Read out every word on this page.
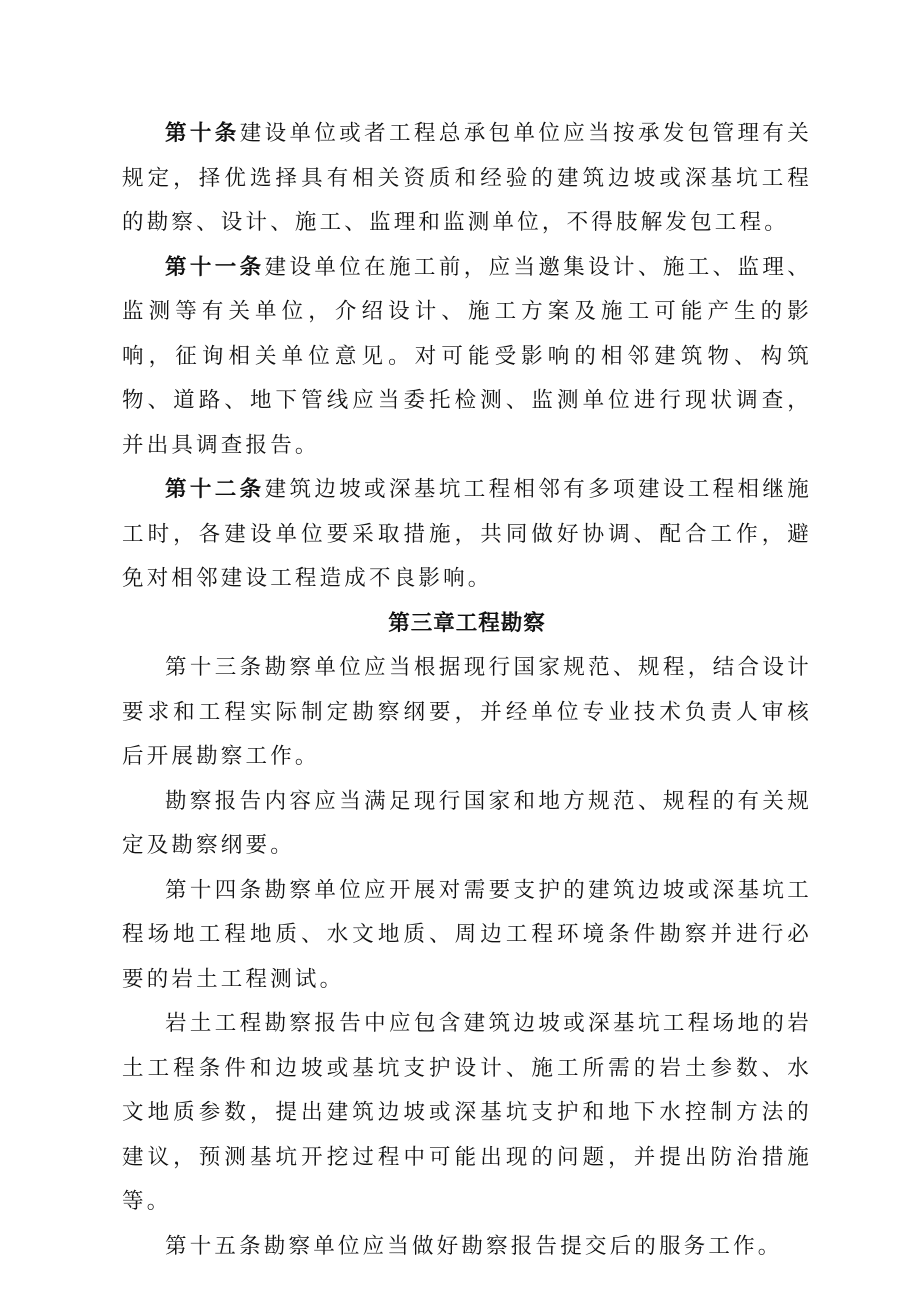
第十条建设单位或者工程总承包单位应当按承发包管理有关规定，择优选择具有相关资质和经验的建筑边坡或深基坑工程的勘察、设计、施工、监理和监测单位，不得肢解发包工程。

第十一条建设单位在施工前，应当邀集设计、施工、监理、监测等有关单位，介绍设计、施工方案及施工可能产生的影响，征询相关单位意见。对可能受影响的相邻建筑物、构筑物、道路、地下管线应当委托检测、监测单位进行现状调查，并出具调查报告。

第十二条建筑边坡或深基坑工程相邻有多项建设工程相继施工时，各建设单位要采取措施，共同做好协调、配合工作，避免对相邻建设工程造成不良影响。

第三章工程勘察

第十三条勘察单位应当根据现行国家规范、规程，结合设计要求和工程实际制定勘察纲要，并经单位专业技术负责人审核后开展勘察工作。

勘察报告内容应当满足现行国家和地方规范、规程的有关规定及勘察纲要。

第十四条勘察单位应开展对需要支护的建筑边坡或深基坑工程场地工程地质、水文地质、周边工程环境条件勘察并进行必要的岩土工程测试。

岩土工程勘察报告中应包含建筑边坡或深基坑工程场地的岩土工程条件和边坡或基坑支护设计、施工所需的岩土参数、水文地质参数，提出建筑边坡或深基坑支护和地下水控制方法的建议，预测基坑开挖过程中可能出现的问题，并提出防治措施等。

第十五条勘察单位应当做好勘察报告提交后的服务工作。
